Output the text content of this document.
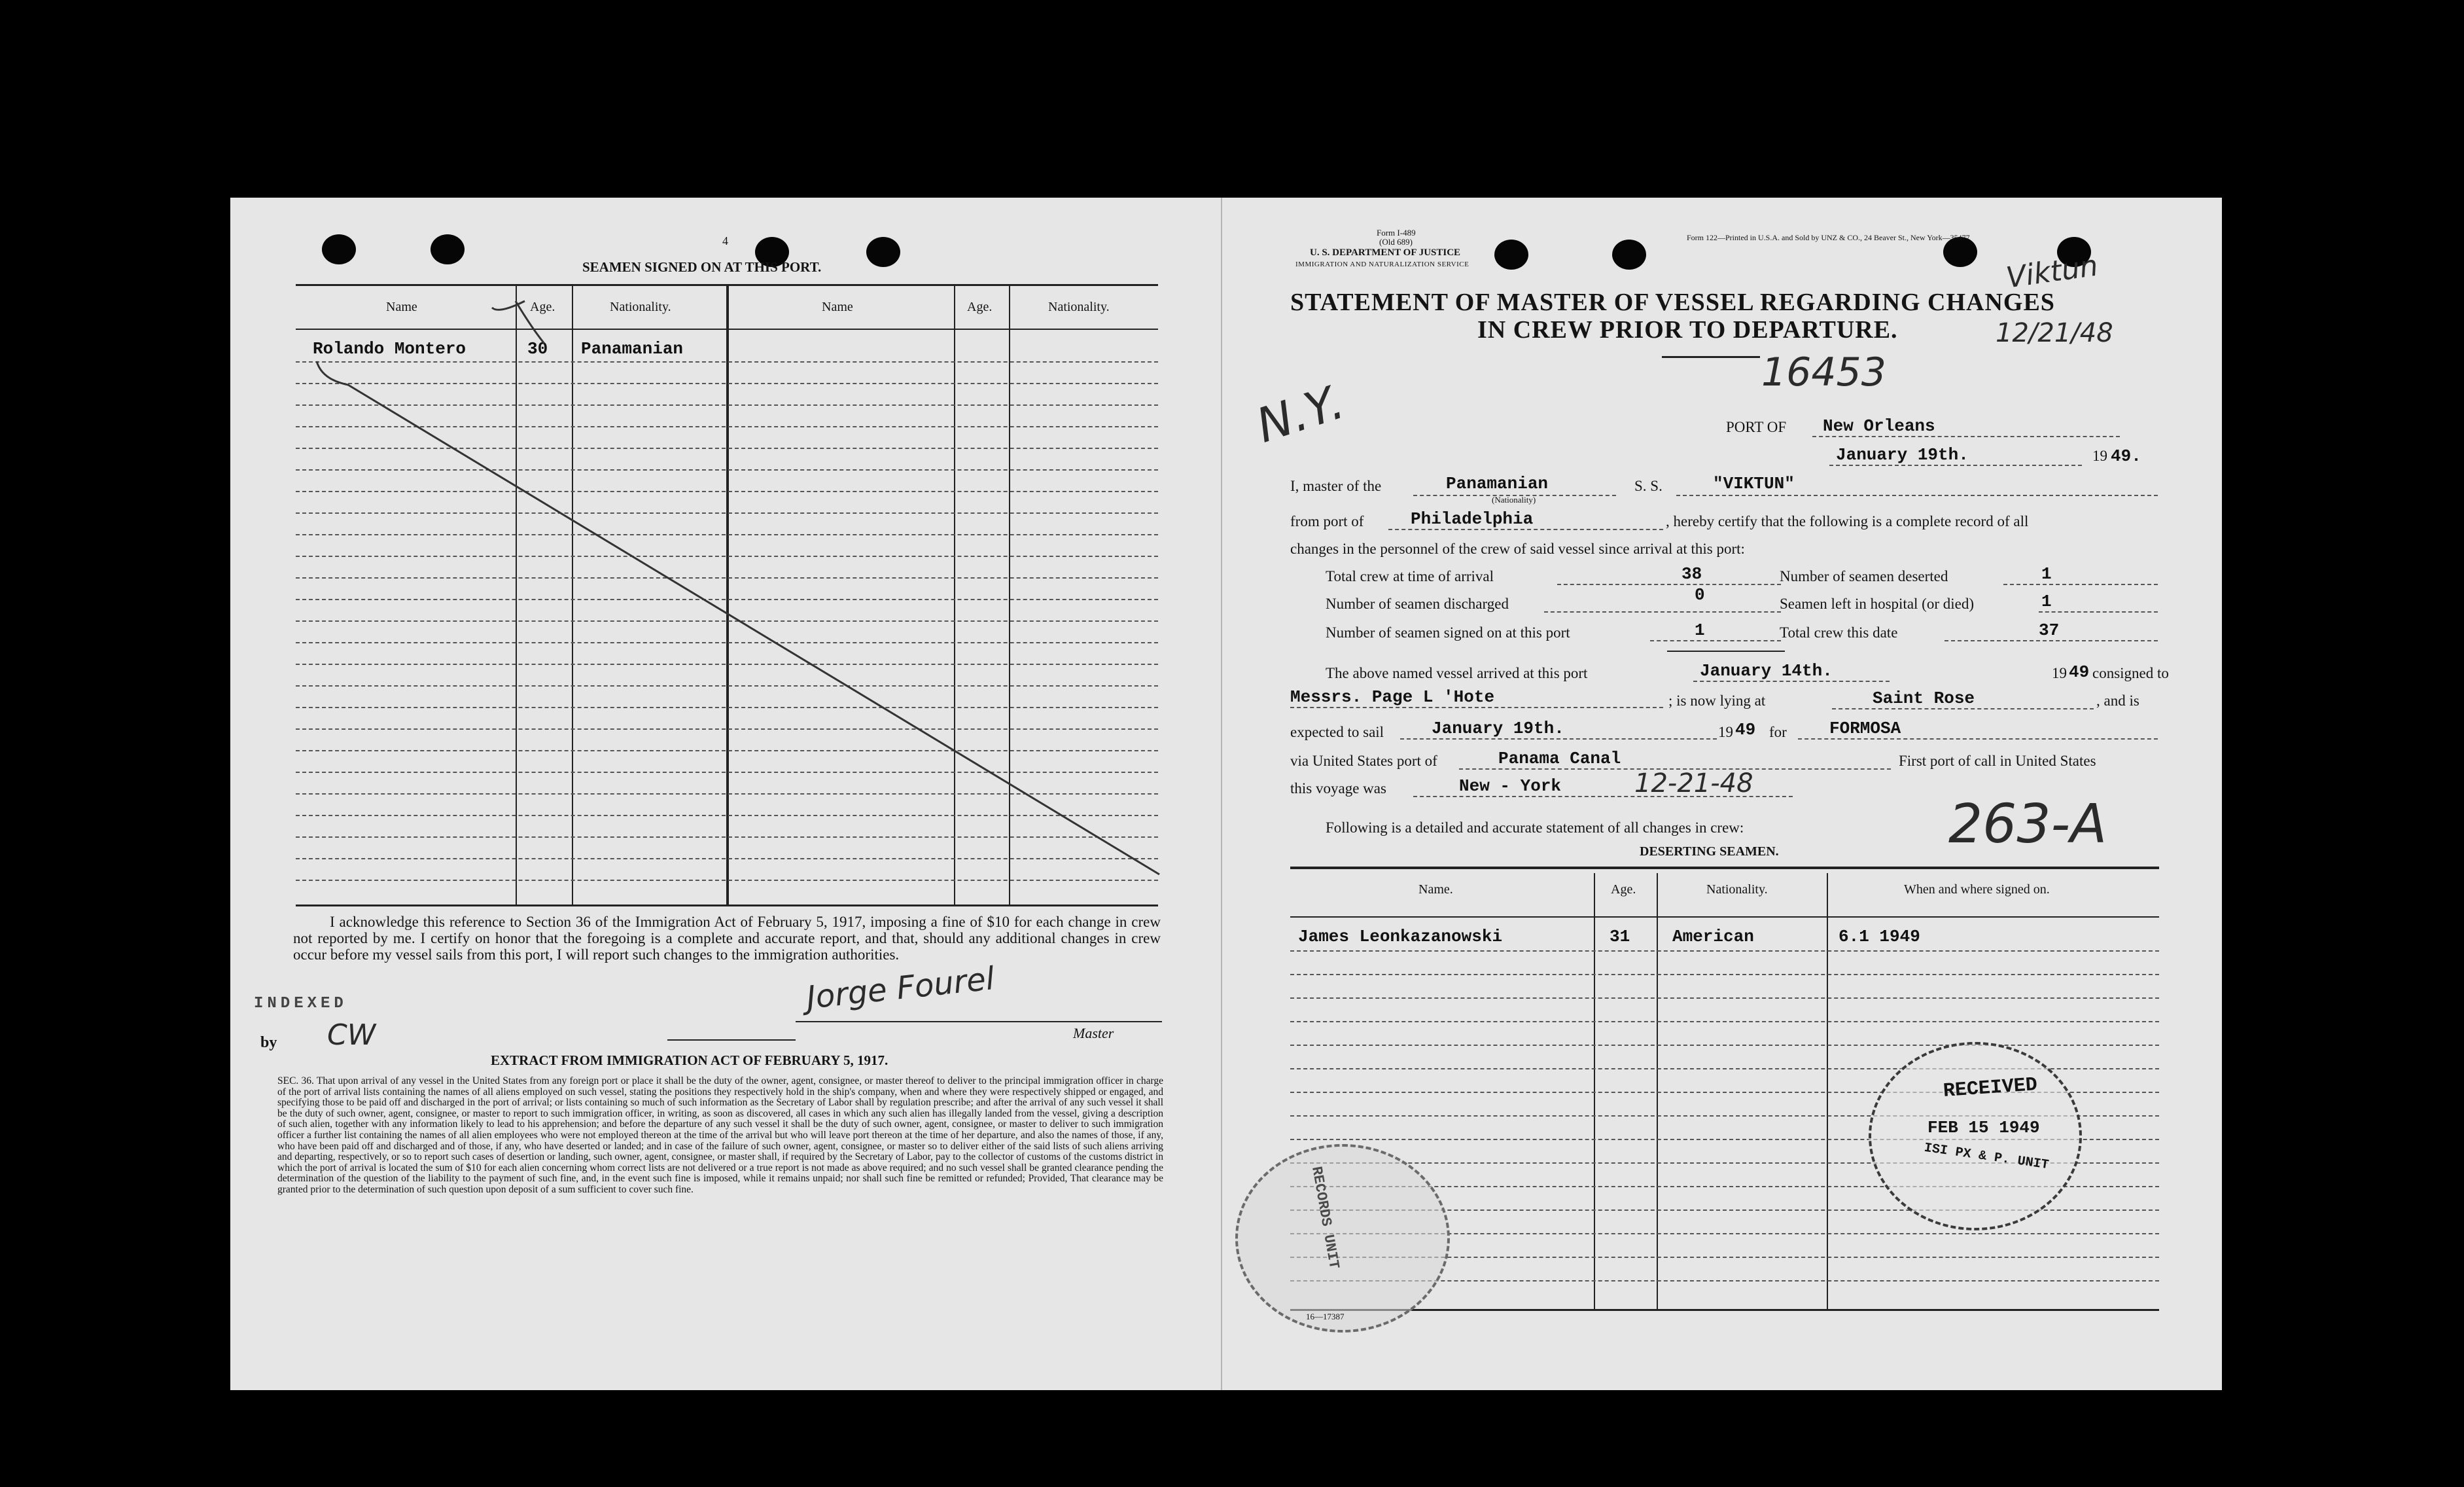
4
SEAMEN SIGNED ON AT THIS PORT.
Name	Age.	Nationality.	Name	Age.	Nationality.
Rolando Montero	30 Panamanian
I acknowledge this reference to Section 36 of the Immigration Act of February 5, 1917, imposing a fine of $10 for each change in crew not reported by me. I certify on honor that the foregoing is a complete and accurate report, and that, should any additional changes in crew occur before my vessel sails from this port, I will report such changes to the immigration authorities.
INDEXED
by CW
Jorge Fourel
Master
EXTRACT FROM IMMIGRATION ACT OF FEBRUARY 5, 1917.
SEC. 36. That upon arrival of any vessel in the United States from any foreign port or place it shall be the duty of the owner, agent, consignee, or master thereof to deliver to the principal immigration officer in charge of the port of arrival lists containing the names of all aliens employed on such vessel, stating the positions they respectively hold in the ship's company, when and where they were respectively shipped or engaged, and specifying those to be paid off and discharged in the port of arrival; or lists containing so much of such information as the Secretary of Labor shall by regulation prescribe; and after the arrival of any such vessel it shall be the duty of such owner, agent, consignee, or master to report to such immigration officer, in writing, as soon as discovered, all cases in which any such alien has illegally landed from the vessel, giving a description of such alien, together with any information likely to lead to his apprehension; and before the departure of any such vessel it shall be the duty of such owner, agent, consignee, or master to deliver to such immigration officer a further list containing the names of all alien employees who were not employed thereon at the time of the arrival but who will leave port thereon at the time of her departure, and also the names of those, if any, who have been paid off and discharged and of those, if any, who have deserted or landed; and in case of the failure of such owner, agent, consignee, or master so to deliver either of the said lists of such aliens arriving and departing, respectively, or so to report such cases of desertion or landing, such owner, agent, consignee, or master shall, if required by the Secretary of Labor, pay to the collector of customs of the customs district in which the port of arrival is located the sum of $10 for each alien concerning whom correct lists are not delivered or a true report is not made as above required; and no such vessel shall be granted clearance pending the determination of the question of the liability to the payment of such fine, and, in the event such fine is imposed, while it remains unpaid; nor shall such fine be remitted or refunded; Provided, That clearance may be granted prior to the determination of such question upon deposit of a sum sufficient to cover such fine.
Form I-489
(Old 689)
U. S. DEPARTMENT OF JUSTICE
IMMIGRATION AND NATURALIZATION SERVICE
Form 122—Printed in U.S.A. and Sold by UNZ & CO., 24 Beaver St., New York—35477
STATEMENT OF MASTER OF VESSEL REGARDING CHANGES
IN CREW PRIOR TO DEPARTURE.
Viktun
12/21/48
16453
N.Y.	PORT OF New Orleans
January 19th.	19 49.
I, master of the	Panamanian
(Nationality)
S. S.	"VIKTUN"
from port of	Philadelphia	, hereby certify that the following is a complete record of all
changes in the personnel of the crew of said vessel since arrival at this port:
Total crew at time of arrival	38
Number of seamen discharged	0
Number of seamen signed on at this port	1
Number of seamen deserted	1
Seamen left in hospital (or died)	1
Total crew this date	37
The above named vessel arrived at this port	January 14th.	19 49 consigned to
Messrs. Page L 'Hote	; is now lying at	Saint Rose	, and is
expected to sail	January 19th.	19 49 for	FORMOSA
via United States port of	Panama Canal	First port of call in United States
this voyage was	New - York	12-21-48
Following is a detailed and accurate statement of all changes in crew:	263-A
DESERTING SEAMEN.
Name.	Age.	Nationality.	When and where signed on.
James Leonkazanowski	31 American	6.1 1949
RECEIVED
FEB 15 1949
ISI PX & P. UNIT
RECORDS UNIT
16—17387
